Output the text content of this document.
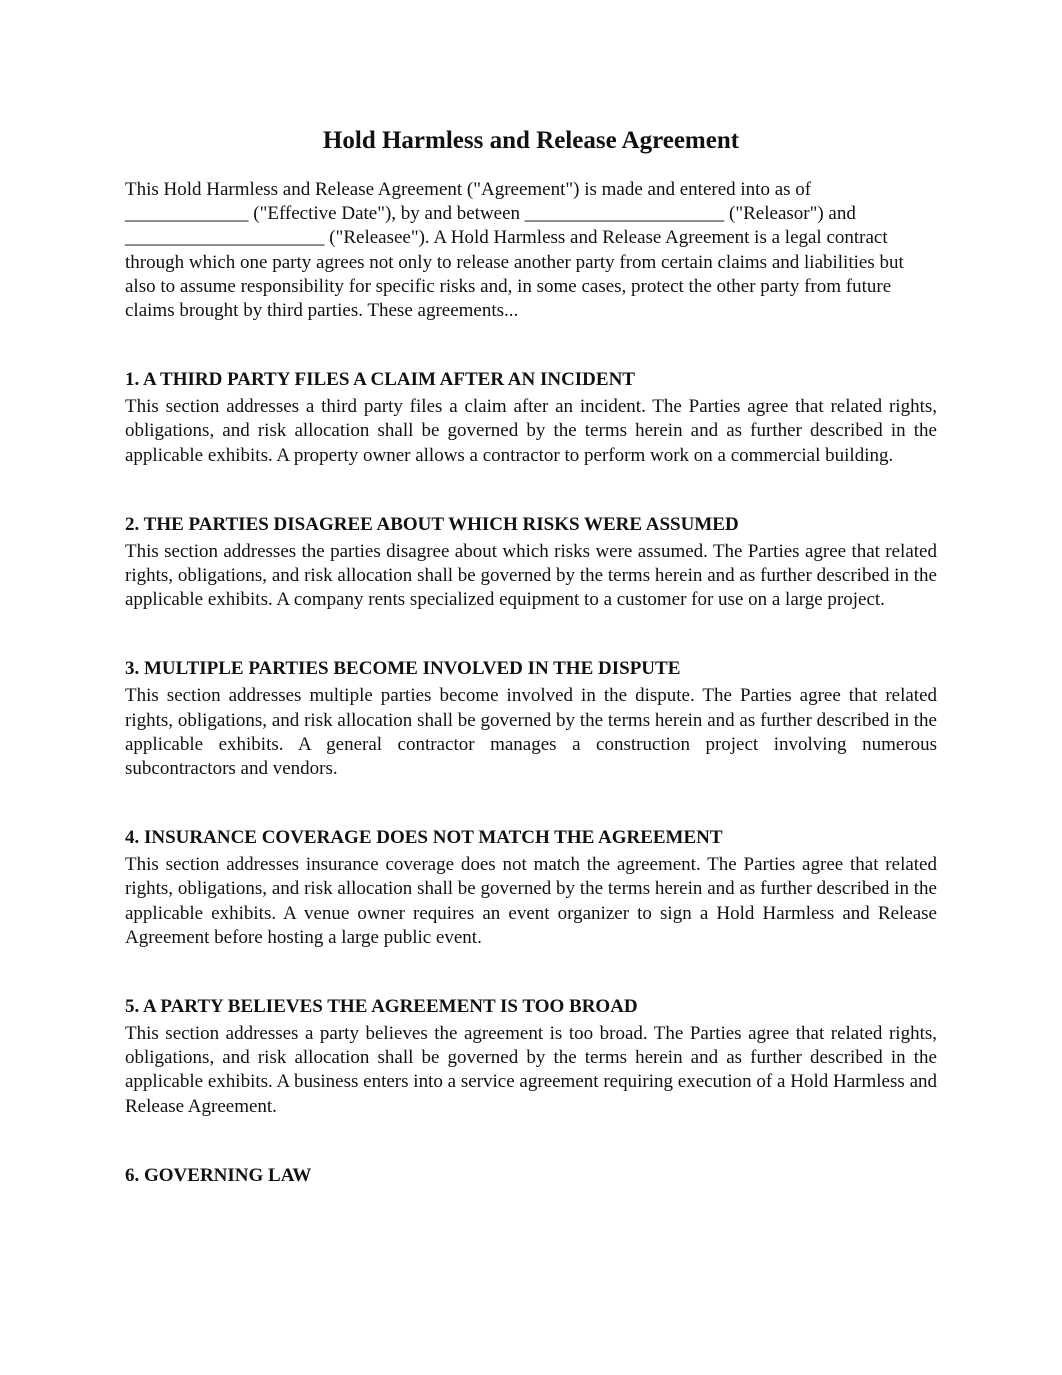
Hold Harmless and Release Agreement

This Hold Harmless and Release Agreement ("Agreement") is made and entered into as of _____________ ("Effective Date"), by and between _____________________ ("Releasor") and _____________________ ("Releasee"). A Hold Harmless and Release Agreement is a legal contract through which one party agrees not only to release another party from certain claims and liabilities but also to assume responsibility for specific risks and, in some cases, protect the other party from future claims brought by third parties. These agreements...

1. A THIRD PARTY FILES A CLAIM AFTER AN INCIDENT

This section addresses a third party files a claim after an incident. The Parties agree that related rights, obligations, and risk allocation shall be governed by the terms herein and as further described in the applicable exhibits. A property owner allows a contractor to perform work on a commercial building.

2. THE PARTIES DISAGREE ABOUT WHICH RISKS WERE ASSUMED

This section addresses the parties disagree about which risks were assumed. The Parties agree that related rights, obligations, and risk allocation shall be governed by the terms herein and as further described in the applicable exhibits. A company rents specialized equipment to a customer for use on a large project.

3. MULTIPLE PARTIES BECOME INVOLVED IN THE DISPUTE

This section addresses multiple parties become involved in the dispute. The Parties agree that related rights, obligations, and risk allocation shall be governed by the terms herein and as further described in the applicable exhibits. A general contractor manages a construction project involving numerous subcontractors and vendors.

4. INSURANCE COVERAGE DOES NOT MATCH THE AGREEMENT

This section addresses insurance coverage does not match the agreement. The Parties agree that related rights, obligations, and risk allocation shall be governed by the terms herein and as further described in the applicable exhibits. A venue owner requires an event organizer to sign a Hold Harmless and Release Agreement before hosting a large public event.

5. A PARTY BELIEVES THE AGREEMENT IS TOO BROAD

This section addresses a party believes the agreement is too broad. The Parties agree that related rights, obligations, and risk allocation shall be governed by the terms herein and as further described in the applicable exhibits. A business enters into a service agreement requiring execution of a Hold Harmless and Release Agreement.

6. GOVERNING LAW
